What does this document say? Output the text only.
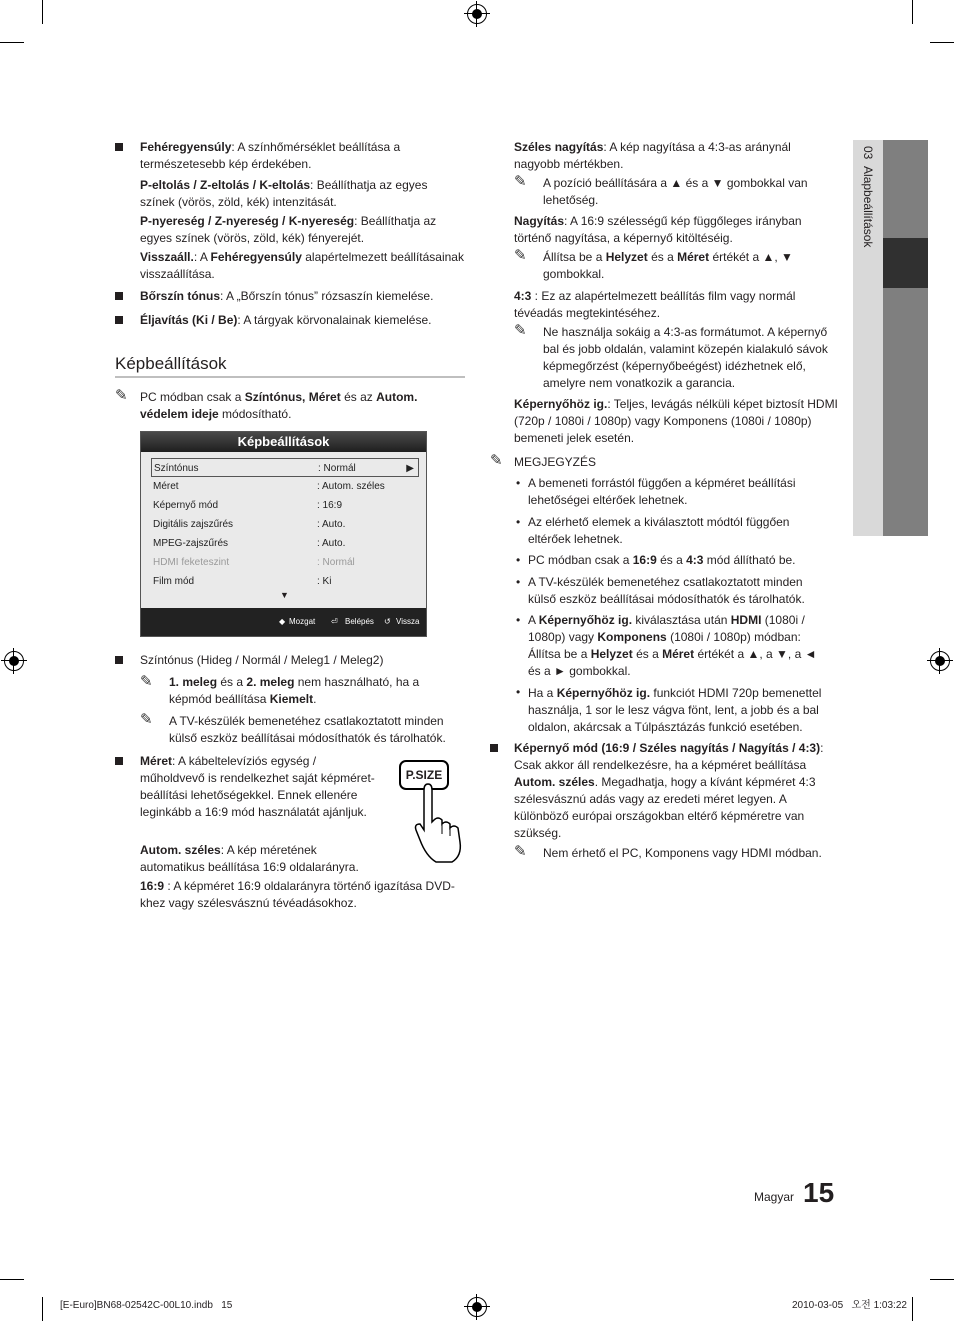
03  Alapbeállítások

Fehéregyensúly: A színhőmérséklet beállítása a természetesebb kép érdekében.

P-eltolás / Z-eltolás / K-eltolás: Beállíthatja az egyes színek (vörös, zöld, kék) intenzitását.

P-nyereség / Z-nyereség / K-nyereség: Beállíthatja az egyes színek (vörös, zöld, kék) fényerejét.

Visszaáll.: A Fehéregyensúly alapértelmezett beállításainak visszaállítása.

Bőrszín tónus: A „Bőrszín tónus” rózsaszín kiemelése.

Éljavítás (Ki / Be): A tárgyak körvonalainak kiemelése.

Képbeállítások
✎ PC módban csak a Színtónus, Méret és az Autom. védelem ideje módosítható.

Képbeállítások
Színtónus	: Normál	▶
Méret	: Autom. széles
Képernyő mód	: 16:9
Digitális zajszűrés	: Auto.
MPEG-zajszűrés	: Auto.
HDMI feketeszint	: Normál
Film mód	: Ki
▼
◆ Mozgat ⏎ Belépés ↺ Vissza

Színtónus (Hideg / Normál / Meleg1 / Meleg2)

✎ 1. meleg és a 2. meleg nem használható, ha a képmód beállítása Kiemelt.

✎ A TV-készülék bemenetéhez csatlakoztatott minden külső eszköz beállításai módosíthatók és tárolhatók.

Méret: A kábeltelevíziós egység / műholdvevő is rendelkezhet saját képméret-beállítási lehetőségekkel. Ennek ellenére leginkább a 16:9 mód használatát ajánljuk.

Autom. széles: A kép méretének automatikus beállítása 16:9 oldalarányra.

16:9 : A képméret 16:9 oldalarányra történő igazítása DVD-khez vagy szélesvásznú tévéadásokhoz.

P.SIZE

Széles nagyítás: A kép nagyítása a 4:3-as aránynál nagyobb mértékben.

✎ A pozíció beállítására a ▲ és a ▼ gombokkal van lehetőség.

Nagyítás: A 16:9 szélességű kép függőleges irányban történő nagyítása, a képernyő kitöltéséig.

✎ Állítsa be a Helyzet és a Méret értékét a ▲, ▼ gombokkal.

4:3 : Ez az alapértelmezett beállítás film vagy normál tévéadás megtekintéséhez.

✎ Ne használja sokáig a 4:3-as formátumot. A képernyő bal és jobb oldalán, valamint közepén kialakuló sávok képmegőrzést (képernyőbeégést) idézhetnek elő, amelyre nem vonatkozik a garancia.

Képernyőhöz ig.: Teljes, levágás nélküli képet biztosít HDMI (720p / 1080i / 1080p) vagy Komponens (1080i / 1080p) bemeneti jelek esetén.

✎ MEGJEGYZÉS

• A bemeneti forrástól függően a képméret beállítási lehetőségei eltérőek lehetnek.

• Az elérhető elemek a kiválasztott módtól függően eltérőek lehetnek.

• PC módban csak a 16:9 és a 4:3 mód állítható be.

• A TV-készülék bemenetéhez csatlakoztatott minden külső eszköz beállításai módosíthatók és tárolhatók.

• A Képernyőhöz ig. kiválasztása után HDMI (1080i / 1080p) vagy Komponens (1080i / 1080p) módban: Állítsa be a Helyzet és a Méret értékét a ▲, a ▼, a ◄ és a ► gombokkal.

• Ha a Képernyőhöz ig. funkciót HDMI 720p bemenettel használja, 1 sor le lesz vágva fönt, lent, a jobb és a bal oldalon, akárcsak a Túlpásztázás funkció esetében.

Képernyő mód (16:9 / Széles nagyítás / Nagyítás / 4:3): Csak akkor áll rendelkezésre, ha a képméret beállítása Autom. széles. Megadhatja, hogy a kívánt képméret 4:3 szélesvásznú adás vagy az eredeti méret legyen. A különböző európai országokban eltérő képméretre van szükség.

✎ Nem érhető el PC, Komponens vagy HDMI módban.

Magyar 15
[E-Euro]BN68-02542C-00L10.indb   15	2010-03-05   오전 1:03:22
